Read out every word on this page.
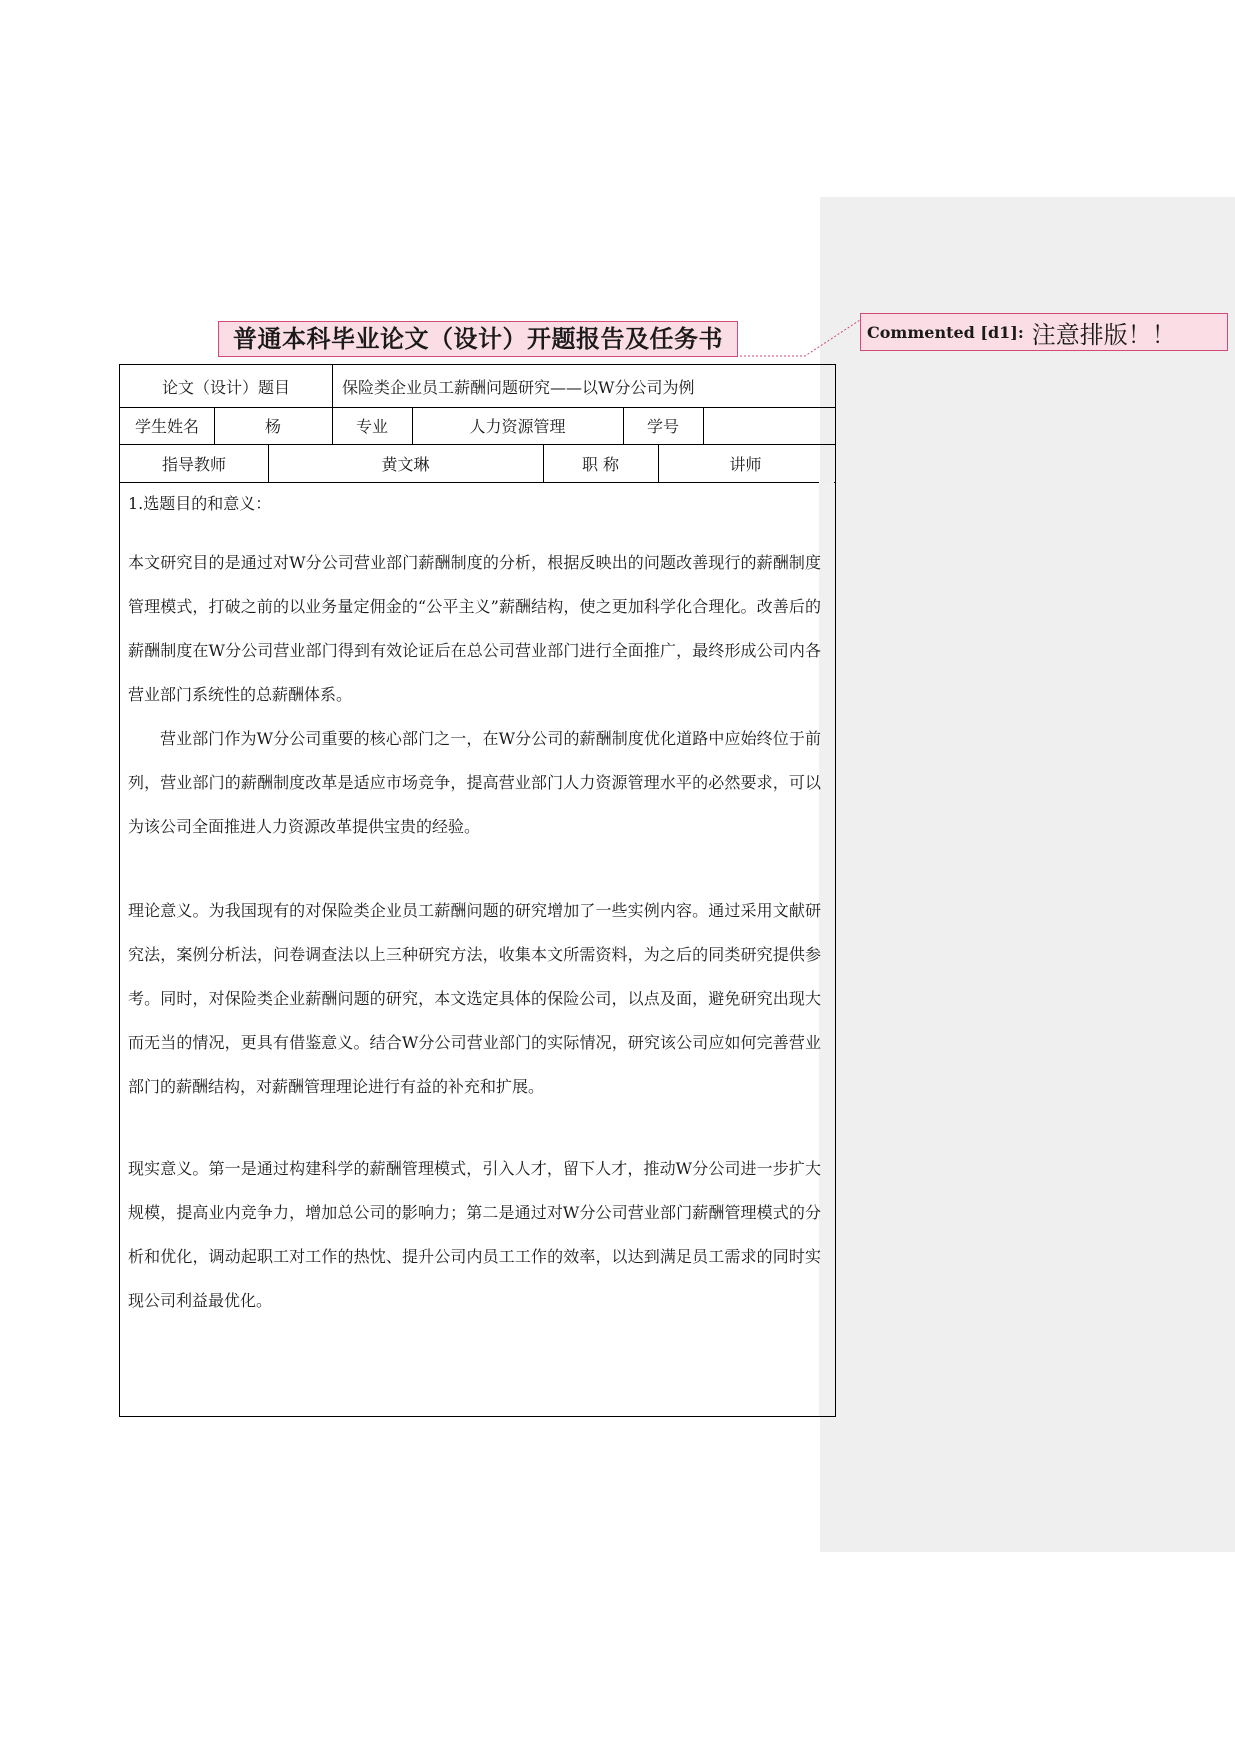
普通本科毕业论文（设计）开题报告及任务书	Commented [d1]: 注意排版！！
论文（设计）题目	保险类企业员工薪酬问题研究——以W分公司为例
学生姓名	杨	专业	人力资源管理	学号
指导教师	黄文琳	职 称	讲师

1.选题目的和意义：

本文研究目的是通过对W分公司营业部门薪酬制度的分析，根据反映出的问题改善现行的薪酬制度管理模式，打破之前的以业务量定佣金的“公平主义”薪酬结构，使之更加科学化合理化。改善后的薪酬制度在W分公司营业部门得到有效论证后在总公司营业部门进行全面推广，最终形成公司内各营业部门系统性的总薪酬体系。

营业部门作为W分公司重要的核心部门之一，在W分公司的薪酬制度优化道路中应始终位于前列，营业部门的薪酬制度改革是适应市场竞争，提高营业部门人力资源管理水平的必然要求，可以为该公司全面推进人力资源改革提供宝贵的经验。

理论意义。为我国现有的对保险类企业员工薪酬问题的研究增加了一些实例内容。通过采用文献研究法，案例分析法，问卷调查法以上三种研究方法，收集本文所需资料，为之后的同类研究提供参考。同时，对保险类企业薪酬问题的研究，本文选定具体的保险公司，以点及面，避免研究出现大而无当的情况，更具有借鉴意义。结合W分公司营业部门的实际情况，研究该公司应如何完善营业部门的薪酬结构，对薪酬管理理论进行有益的补充和扩展。

现实意义。第一是通过构建科学的薪酬管理模式，引入人才，留下人才，推动W分公司进一步扩大规模，提高业内竞争力，增加总公司的影响力；第二是通过对W分公司营业部门薪酬管理模式的分析和优化，调动起职工对工作的热忱、提升公司内员工工作的效率，以达到满足员工需求的同时实现公司利益最优化。
